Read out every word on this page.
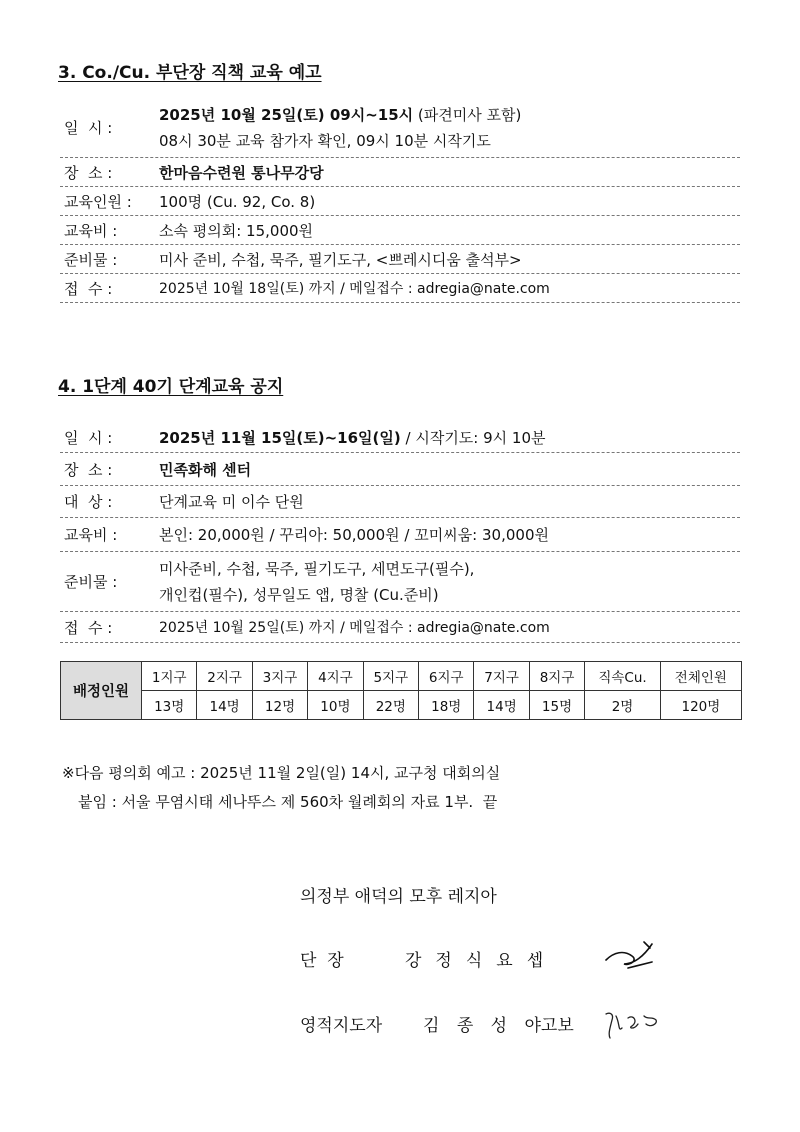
3. Co./Cu. 부단장 직책 교육 예고
일  시 :
2025년 10월 25일(토) 09시~15시 (파견미사 포함)
08시 30분 교육 참가자 확인, 09시 10분 시작기도
장  소 :	한마음수련원 통나무강당
교육인원 :	100명 (Cu. 92, Co. 8)
교육비 :	소속 평의회: 15,000원
준비물 :	미사 준비, 수첩, 묵주, 필기도구, <쁘레시디움 출석부>
접  수 :	2025년 10월 18일(토) 까지 / 메일접수 : adregia@nate.com
4. 1단계 40기 단계교육 공지
일  시 :	2025년 11월 15일(토)~16일(일) / 시작기도: 9시 10분
장  소 :	민족화해 센터
대  상 :	단계교육 미 이수 단원
교육비 :	본인: 20,000원 / 꾸리아: 50,000원 / 꼬미씨움: 30,000원
준비물 :
미사준비, 수첩, 묵주, 필기도구, 세면도구(필수),
개인컵(필수), 성무일도 앱, 명찰 (Cu.준비)
접  수 :	2025년 10월 25일(토) 까지 / 메일접수 : adregia@nate.com
배정인원	1지구	2지구	3지구	4지구	5지구	6지구	7지구	8지구	직속Cu.	전체인원
	13명	14명	12명	10명	22명	18명	14명	15명	2명	120명
※다음 평의회 예고 : 2025년 11월 2일(일) 14시, 교구청 대회의실
붙임 : 서울 무염시태 세나뚜스 제 560차 월례회의 자료 1부.  끝
의정부 애덕의 모후 레지아
단  장	강정식요셉
영적지도자 김 종 성 야고보
